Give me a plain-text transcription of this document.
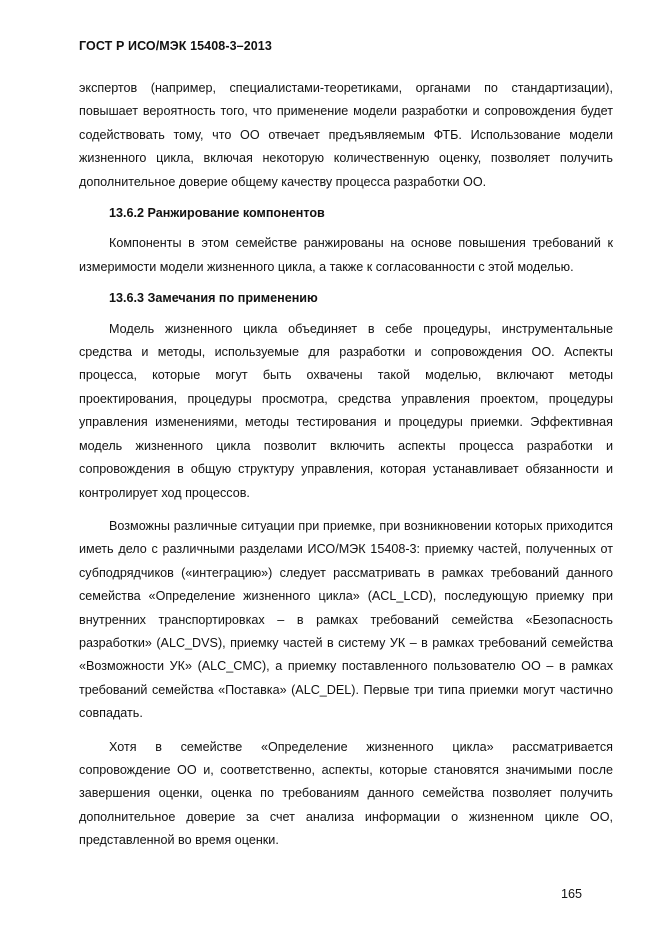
ГОСТ Р ИСО/МЭК 15408-3–2013

экспертов (например, специалистами-теоретиками, органами по стандартизации), повышает вероятность того, что применение модели разработки и сопровождения будет содействовать тому, что ОО отвечает предъявляемым ФТБ. Использование модели жизненного цикла, включая некоторую количественную оценку, позволяет получить дополнительное доверие общему качеству процесса разработки ОО.

13.6.2 Ранжирование компонентов

Компоненты в этом семействе ранжированы на основе повышения требований к измеримости модели жизненного цикла, а также к согласованности с этой моделью.

13.6.3 Замечания по применению

Модель жизненного цикла объединяет в себе процедуры, инструментальные средства и методы, используемые для разработки и сопровождения ОО. Аспекты процесса, которые могут быть охвачены такой моделью, включают методы проектирования, процедуры просмотра, средства управления проектом, процедуры управления изменениями, методы тестирования и процедуры приемки. Эффективная модель жизненного цикла позволит включить аспекты процесса разработки и сопровождения в общую структуру управления, которая устанавливает обязанности и контролирует ход процессов.

Возможны различные ситуации при приемке, при возникновении которых приходится иметь дело с различными разделами ИСО/МЭК 15408-3: приемку частей, полученных от субподрядчиков («интеграцию») следует рассматривать в рамках требований данного семейства «Определение жизненного цикла» (ACL_LCD), последующую приемку при внутренних транспортировках – в рамках требований семейства «Безопасность разработки» (ALC_DVS), приемку частей в систему УК – в рамках требований семейства «Возможности УК» (ALC_CMC), а приемку поставленного пользователю ОО – в рамках требований семейства «Поставка» (ALC_DEL). Первые три типа приемки могут частично совпадать.

Хотя в семействе «Определение жизненного цикла» рассматривается сопровождение ОО и, соответственно, аспекты, которые становятся значимыми после завершения оценки, оценка по требованиям данного семейства позволяет получить дополнительное доверие за счет анализа информации о жизненном цикле ОО, представленной во время оценки.

165
